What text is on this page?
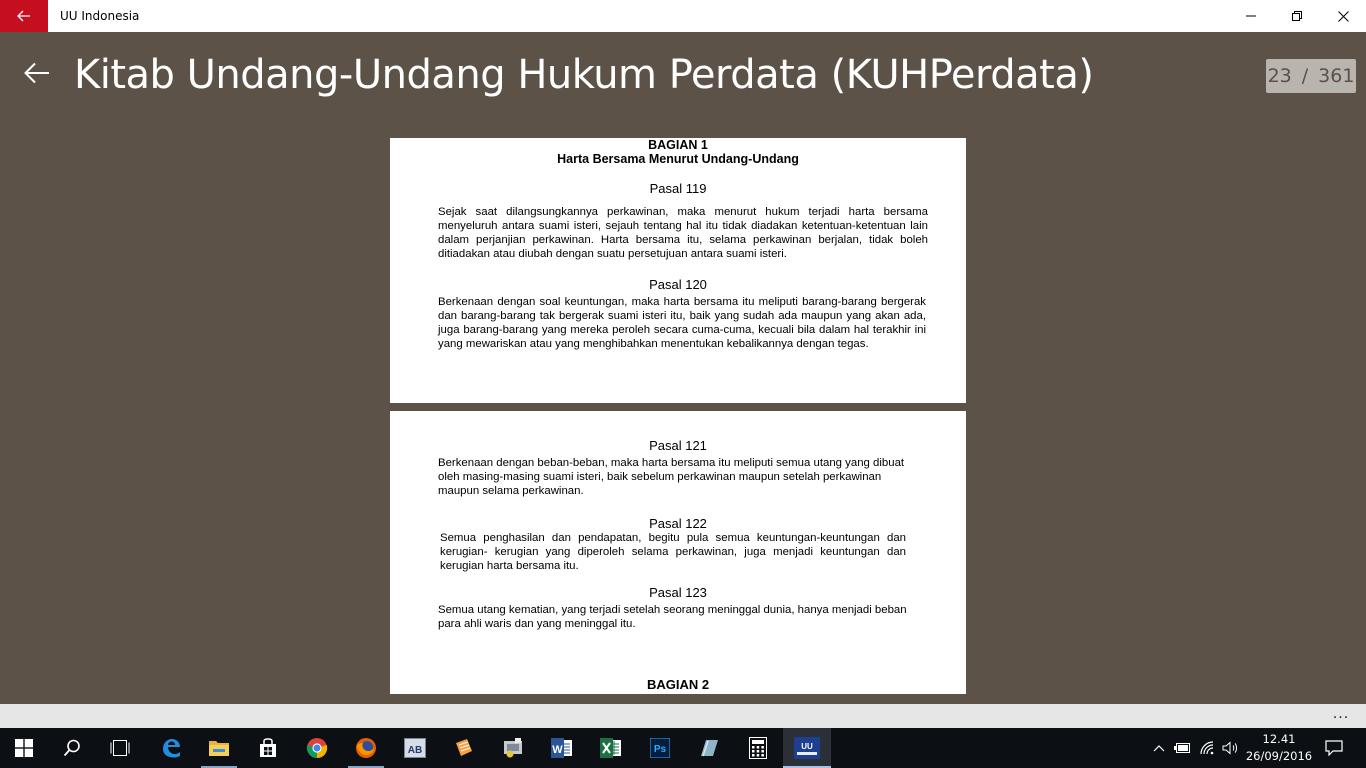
UU Indonesia
Kitab Undang-Undang Hukum Perdata (KUHPerdata)	23 / 361
BAGIAN 1
Harta Bersama Menurut Undang-Undang
Pasal 119
Sejak saat dilangsungkannya perkawinan, maka menurut hukum terjadi harta bersama menyeluruh antara suami isteri, sejauh tentang hal itu tidak diadakan ketentuan-ketentuan lain dalam perjanjian perkawinan. Harta bersama itu, selama perkawinan berjalan, tidak boleh ditiadakan atau diubah dengan suatu persetujuan antara suami isteri.
Pasal 120
Berkenaan dengan soal keuntungan, maka harta bersama itu meliputi barang-barang bergerak dan barang-barang tak bergerak suami isteri itu, baik yang sudah ada maupun yang akan ada, juga barang-barang yang mereka peroleh secara cuma-cuma, kecuali bila dalam hal terakhir ini yang mewariskan atau yang menghibahkan menentukan kebalikannya dengan tegas.
Pasal 121
Berkenaan dengan beban-beban, maka harta bersama itu meliputi semua utang yang dibuat oleh masing-masing suami isteri, baik sebelum perkawinan maupun setelah perkawinan maupun selama perkawinan.
Pasal 122
Semua penghasilan dan pendapatan, begitu pula semua keuntungan-keuntungan dan kerugian- kerugian yang diperoleh selama perkawinan, juga menjadi keuntungan dan kerugian harta bersama itu.
Pasal 123
Semua utang kematian, yang terjadi setelah seorang meninggal dunia, hanya menjadi beban para ahli waris dan yang meninggal itu.
BAGIAN 2
...
AB	W	Ps	UU
12.41
26/09/2016
